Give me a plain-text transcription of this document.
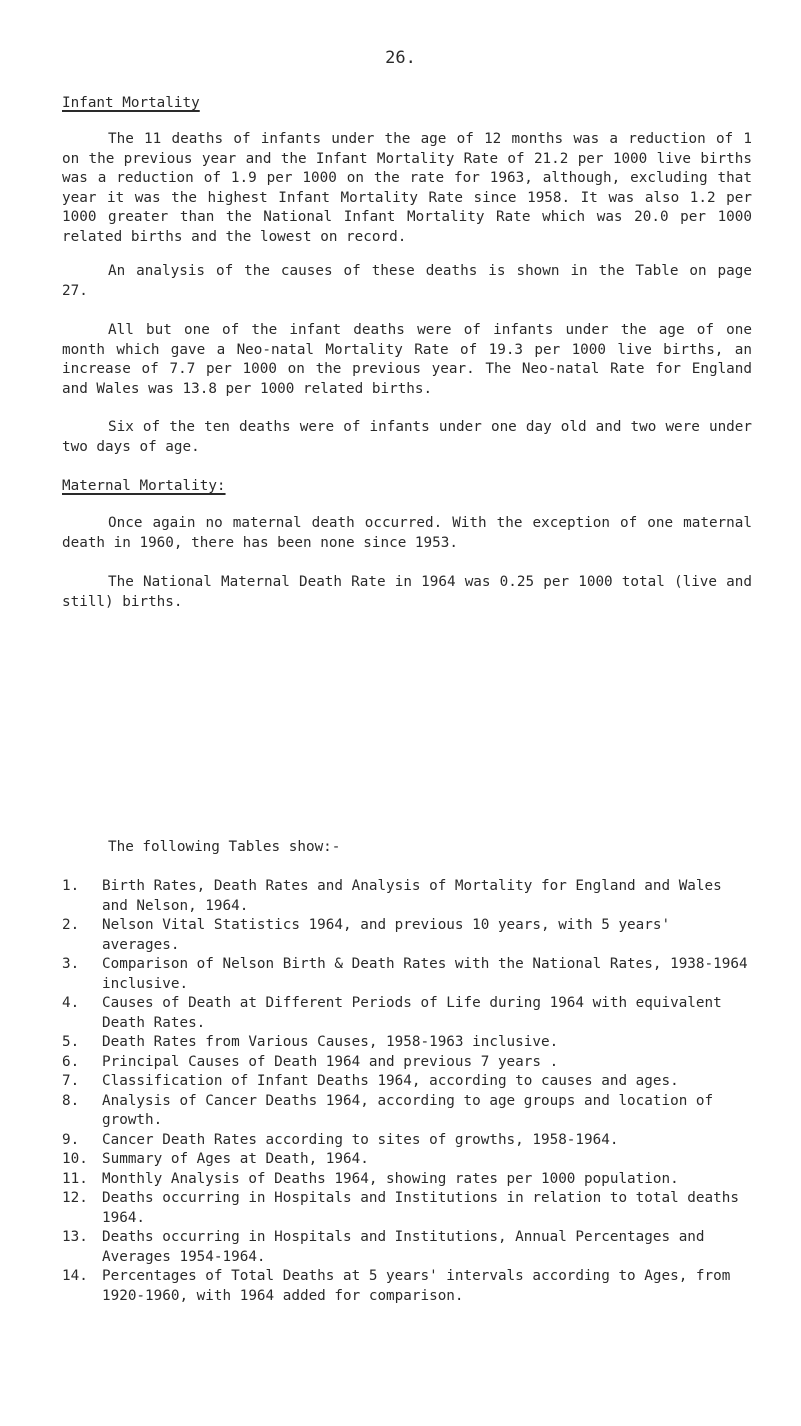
26.
Infant Mortality

The 11 deaths of infants under the age of 12 months was a reduction of 1 on the previous year and the Infant Mortality Rate of 21.2 per 1000 live births was a reduction of 1.9 per 1000 on the rate for 1963, although, excluding that year it was the highest Infant Mortality Rate since 1958. It was also 1.2 per 1000 greater than the National Infant Mortality Rate which was 20.0 per 1000 related births and the lowest on record.

An analysis of the causes of these deaths is shown in the Table on page 27.

All but one of the infant deaths were of infants under the age of one month which gave a Neo-natal Mortality Rate of 19.3 per 1000 live births, an increase of 7.7 per 1000 on the previous year. The Neo-natal Rate for England and Wales was 13.8 per 1000 related births.

Six of the ten deaths were of infants under one day old and two were under two days of age.

Maternal Mortality:

Once again no maternal death occurred. With the exception of one maternal death in 1960, there has been none since 1953.

The National Maternal Death Rate in 1964 was 0.25 per 1000 total (live and still) births.

The following Tables show:-

1.	Birth Rates, Death Rates and Analysis of Mortality for England and Wales and Nelson, 1964.
2.	Nelson Vital Statistics 1964, and previous 10 years, with 5 years' averages.
3.	Comparison of Nelson Birth & Death Rates with the National Rates, 1938-1964 inclusive.
4.	Causes of Death at Different Periods of Life during 1964 with equivalent Death Rates.
5.	Death Rates from Various Causes, 1958-1963 inclusive.
6.	Principal Causes of Death 1964 and previous 7 years .
7.	Classification of Infant Deaths 1964, according to causes and ages.
8.	Analysis of Cancer Deaths 1964, according to age groups and location of growth.
9.	Cancer Death Rates according to sites of growths, 1958-1964.
10. Summary of Ages at Death, 1964.
11. Monthly Analysis of Deaths 1964, showing rates per 1000 population.
12. Deaths occurring in Hospitals and Institutions in relation to total deaths 1964.
13. Deaths occurring in Hospitals and Institutions, Annual Percentages and Averages 1954-1964.
14. Percentages of Total Deaths at 5 years' intervals according to Ages, from 1920-1960, with 1964 added for comparison.
